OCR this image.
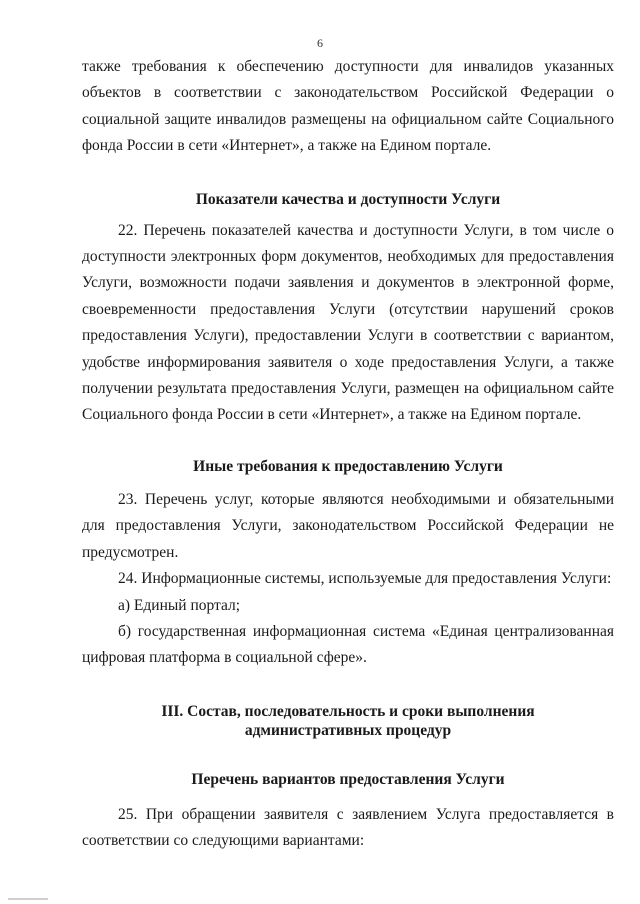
6

также требования к обеспечению доступности для инвалидов указанных объектов в соответствии с законодательством Российской Федерации о социальной защите инвалидов размещены на официальном сайте Социального фонда России в сети «Интернет», а также на Едином портале.

Показатели качества и доступности Услуги

22. Перечень показателей качества и доступности Услуги, в том числе о доступности электронных форм документов, необходимых для предоставления Услуги, возможности подачи заявления и документов в электронной форме, своевременности предоставления Услуги (отсутствии нарушений сроков предоставления Услуги), предоставлении Услуги в соответствии с вариантом, удобстве информирования заявителя о ходе предоставления Услуги, а также получении результата предоставления Услуги, размещен на официальном сайте Социального фонда России в сети «Интернет», а также на Едином портале.

Иные требования к предоставлению Услуги

23. Перечень услуг, которые являются необходимыми и обязательными для предоставления Услуги, законодательством Российской Федерации не предусмотрен.

24. Информационные системы, используемые для предоставления Услуги:

а) Единый портал;

б) государственная информационная система «Единая централизованная цифровая платформа в социальной сфере».

III. Состав, последовательность и сроки выполнения
административных процедур
Перечень вариантов предоставления Услуги

25. При обращении заявителя с заявлением Услуга предоставляется в соответствии со следующими вариантами:
